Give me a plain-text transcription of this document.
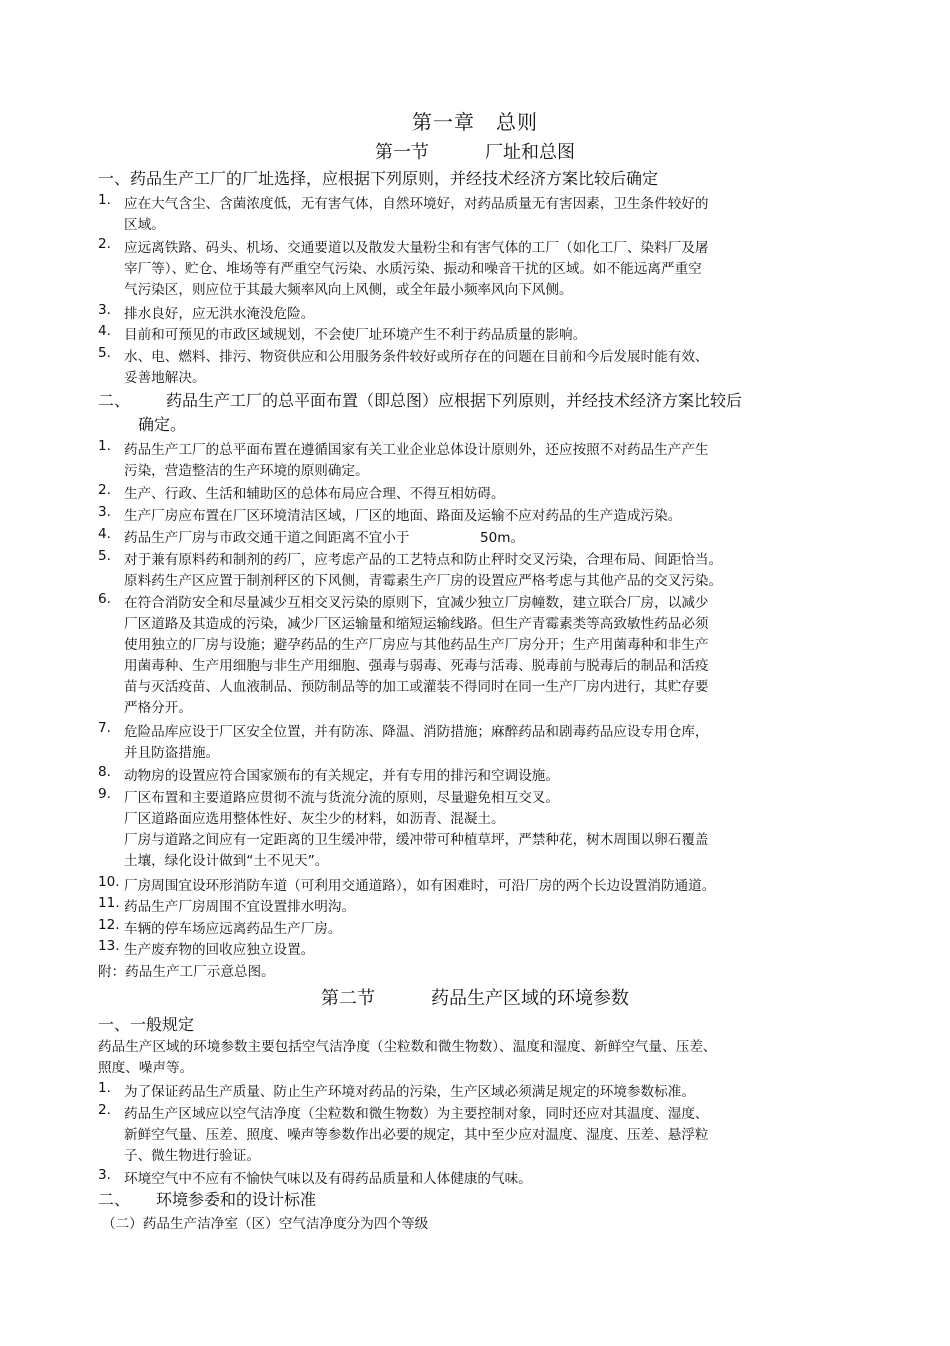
第一章　总则
第一节	厂址和总图
一、药品生产工厂的厂址选择，应根据下列原则，并经技术经济方案比较后确定
1. 应在大气含尘、含菌浓度低，无有害气体，自然环境好，对药品质量无有害因素，卫生条件较好的
区域。
2. 应远离铁路、码头、机场、交通要道以及散发大量粉尘和有害气体的工厂（如化工厂、染料厂及屠
宰厂等）、贮仓、堆场等有严重空气污染、水质污染、振动和噪音干扰的区域。如不能远离严重空
气污染区，则应位于其最大频率风向上风侧，或全年最小频率风向下风侧。
3. 排水良好，应无洪水淹没危险。
4. 目前和可预见的市政区域规划，不会使厂址环境产生不利于药品质量的影响。
5. 水、电、燃料、排污、物资供应和公用服务条件较好或所存在的问题在目前和今后发展时能有效、
妥善地解决。
二、 药品生产工厂的总平面布置（即总图）应根据下列原则，并经技术经济方案比较后
确定。
1. 药品生产工厂的总平面布置在遵循国家有关工业企业总体设计原则外，还应按照不对药品生产产生
污染，营造整洁的生产环境的原则确定。
2. 生产、行政、生活和辅助区的总体布局应合理、不得互相妨碍。
3. 生产厂房应布置在厂区环境清洁区域，厂区的地面、路面及运输不应对药品的生产造成污染。
4. 药品生产厂房与市政交通干道之间距离不宜小于	50m。
5. 对于兼有原料药和制剂的药厂，应考虑产品的工艺特点和防止秤时交叉污染，合理布局、间距恰当。
原料药生产区应置于制剂秤区的下风侧，青霉素生产厂房的设置应严格考虑与其他产品的交叉污染。
6. 在符合消防安全和尽量减少互相交叉污染的原则下，宜减少独立厂房幢数，建立联合厂房，以减少
厂区道路及其造成的污染，减少厂区运输量和缩短运输线路。但生产青霉素类等高致敏性药品必须
使用独立的厂房与设施；避孕药品的生产厂房应与其他药品生产厂房分开；生产用菌毒种和非生产
用菌毒种、生产用细胞与非生产用细胞、强毒与弱毒、死毒与活毒、脱毒前与脱毒后的制品和活疫
苗与灭活疫苗、人血液制品、预防制品等的加工或灌装不得同时在同一生产厂房内进行，其贮存要
严格分开。
7. 危险品库应设于厂区安全位置，并有防冻、降温、消防措施；麻醉药品和剧毒药品应设专用仓库，
并且防盗措施。
8. 动物房的设置应符合国家颁布的有关规定，并有专用的排污和空调设施。
9. 厂区布置和主要道路应贯彻不流与货流分流的原则，尽量避免相互交叉。
厂区道路面应选用整体性好、灰尘少的材料，如沥青、混凝土。
厂房与道路之间应有一定距离的卫生缓冲带，缓冲带可种植草坪，严禁种花，树木周围以卵石覆盖
土壤，绿化设计做到“土不见天”。
10. 厂房周围宜设环形消防车道（可利用交通道路），如有困难时，可沿厂房的两个长边设置消防通道。
11. 药品生产厂房周围不宜设置排水明沟。
12. 车辆的停车场应远离药品生产厂房。
13. 生产废弃物的回收应独立设置。
附：药品生产工厂示意总图。
第二节	药品生产区域的环境参数
一、一般规定
药品生产区域的环境参数主要包括空气洁净度（尘粒数和微生物数）、温度和湿度、新鲜空气量、压差、
照度、噪声等。
1. 为了保证药品生产质量、防止生产环境对药品的污染，生产区域必须满足规定的环境参数标准。
2. 药品生产区域应以空气洁净度（尘粒数和微生物数）为主要控制对象，同时还应对其温度、湿度、
新鲜空气量、压差、照度、噪声等参数作出必要的规定，其中至少应对温度、湿度、压差、悬浮粒
子、微生物进行验证。
3. 环境空气中不应有不愉快气味以及有碍药品质量和人体健康的气味。
二、 环境参委和的设计标准
（二）药品生产洁净室（区）空气洁净度分为四个等级
